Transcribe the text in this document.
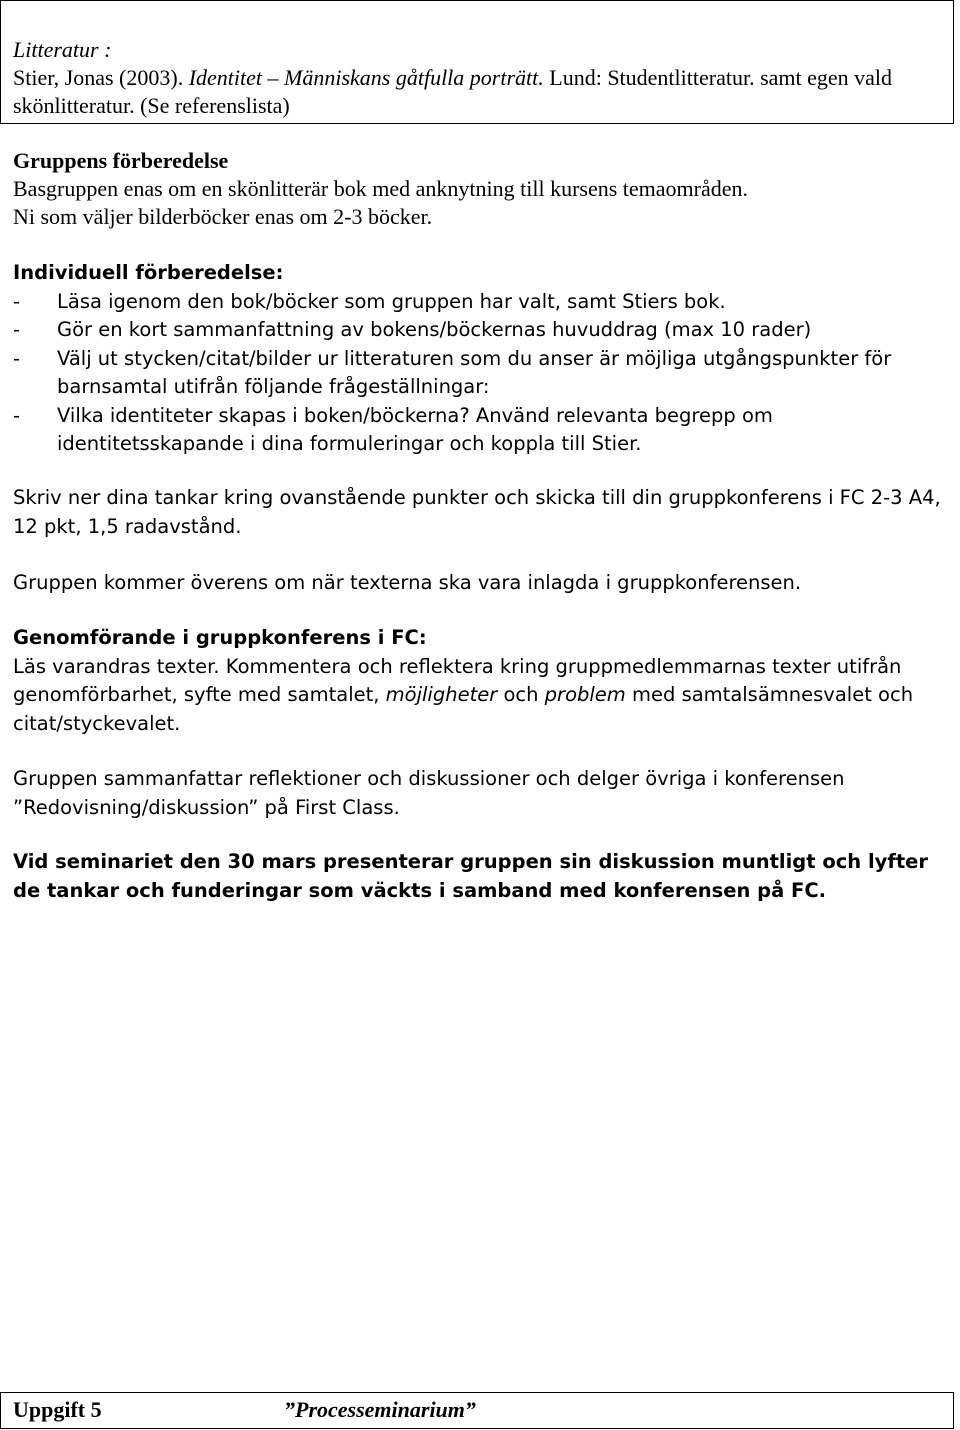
Litteratur :
Stier, Jonas (2003). Identitet – Människans gåtfulla porträtt. Lund: Studentlitteratur. samt egen vald skönlitteratur. (Se referenslista)
Gruppens förberedelse
Basgruppen enas om en skönlitterär bok med anknytning till kursens temaområden.
Ni som väljer bilderböcker enas om 2-3 böcker.
Individuell förberedelse:
- Läsa igenom den bok/böcker som gruppen har valt, samt Stiers bok.
- Gör en kort sammanfattning av bokens/böckernas huvuddrag (max 10 rader)
- Välj ut stycken/citat/bilder ur litteraturen som du anser är möjliga utgångspunkter för barnsamtal utifrån följande frågeställningar:
- Vilka identiteter skapas i boken/böckerna? Använd relevanta begrepp om identitetsskapande i dina formuleringar och koppla till Stier.
Skriv ner dina tankar kring ovanstående punkter och skicka till din gruppkonferens i FC 2-3 A4, 12 pkt, 1,5 radavstånd.
Gruppen kommer överens om när texterna ska vara inlagda i gruppkonferensen.
Genomförande i gruppkonferens i FC:
Läs varandras texter. Kommentera och reflektera kring gruppmedlemmarnas texter utifrån genomförbarhet, syfte med samtalet, möjligheter och problem med samtalsämnesvalet och citat/styckevalet.
Gruppen sammanfattar reflektioner och diskussioner och delger övriga i konferensen ”Redovisning/diskussion” på First Class.
Vid seminariet den 30 mars presenterar gruppen sin diskussion muntligt och lyfter de tankar och funderingar som väckts i samband med konferensen på FC.
Uppgift 5	”Processeminarium”
